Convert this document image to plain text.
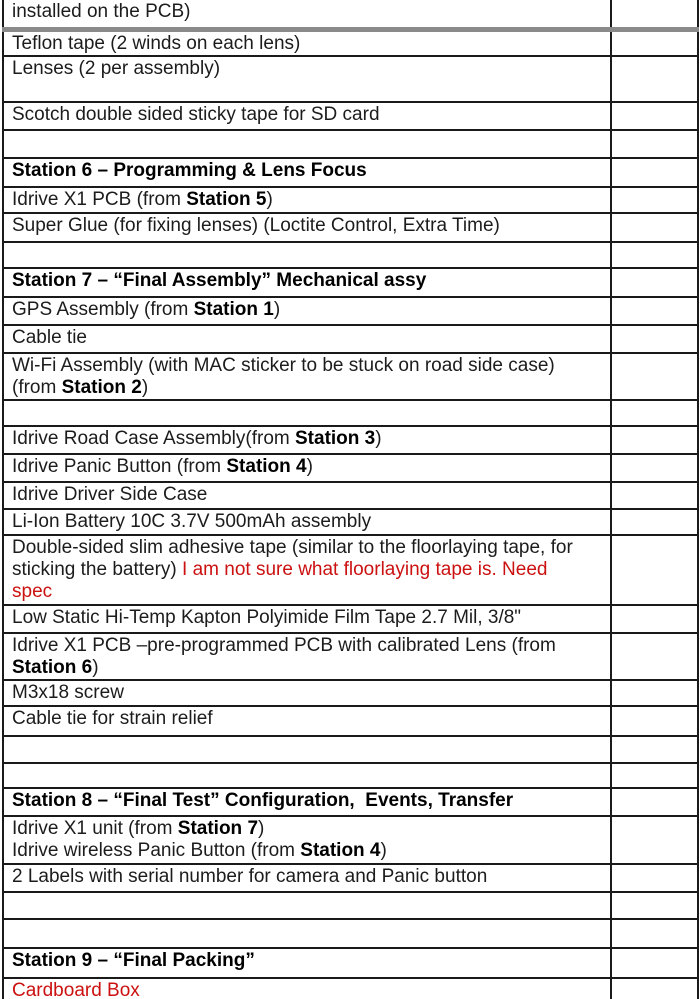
installed on the PCB)	
Teflon tape (2 winds on each lens)	
Lenses (2 per assembly)	
Scotch double sided sticky tape for SD card	

Station 6 – Programming & Lens Focus	
Idrive X1 PCB (from Station 5)	
Super Glue (for fixing lenses) (Loctite Control, Extra Time)	

Station 7 – “Final Assembly” Mechanical assy	
GPS Assembly (from Station 1)	
Cable tie	
Wi-Fi Assembly (with MAC sticker to be stuck on road side case)
(from Station 2)	

Idrive Road Case Assembly(from Station 3)	
Idrive Panic Button (from Station 4)	
Idrive Driver Side Case	
Li-Ion Battery 10C 3.7V 500mAh assembly	
Double-sided slim adhesive tape (similar to the floorlaying tape, for
sticking the battery) I am not sure what floorlaying tape is. Need
spec	
Low Static Hi-Temp Kapton Polyimide Film Tape 2.7 Mil, 3/8"	
Idrive X1 PCB –pre-programmed PCB with calibrated Lens (from
Station 6)	
M3x18 screw	
Cable tie for strain relief	

Station 8 – “Final Test” Configuration,  Events, Transfer	
Idrive X1 unit (from Station 7)
Idrive wireless Panic Button (from Station 4)	
2 Labels with serial number for camera and Panic button	

Station 9 – “Final Packing”	
Cardboard Box	
